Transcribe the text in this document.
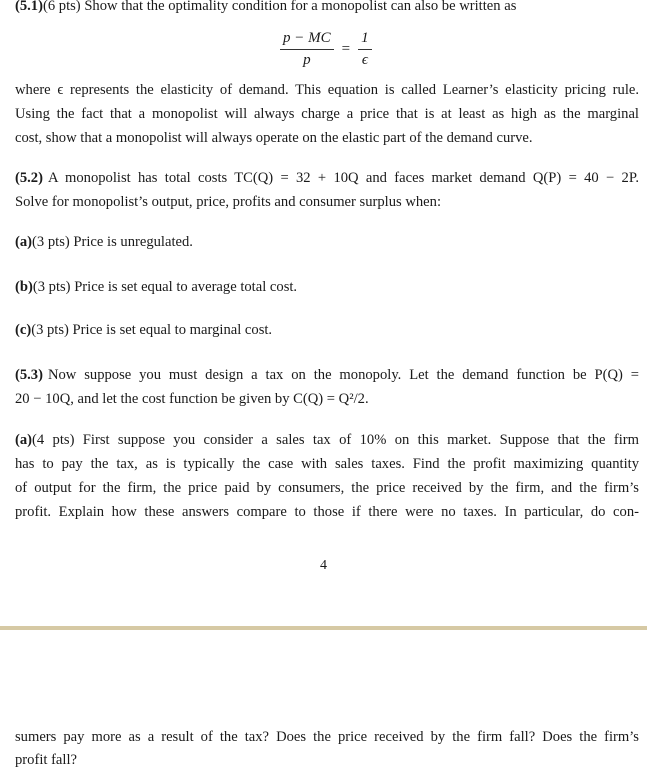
(5.1)(6 pts) Show that the optimality condition for a monopolist can also be written as
$\frac{p - MC}{p} = \frac{1}{\epsilon}$
where ϵ represents the elasticity of demand. This equation is called Learner’s elasticity pricing rule.
Using the fact that a monopolist will always charge a price that is at least as high as the marginal
cost, show that a monopolist will always operate on the elastic part of the demand curve.
(5.2) A monopolist has total costs TC(Q) = 32 + 10Q and faces market demand Q(P) = 40 − 2P.
Solve for monopolist’s output, price, profits and consumer surplus when:
(a)(3 pts) Price is unregulated.
(b)(3 pts) Price is set equal to average total cost.
(c)(3 pts) Price is set equal to marginal cost.
(5.3) Now suppose you must design a tax on the monopoly. Let the demand function be P(Q) =
20 − 10Q, and let the cost function be given by C(Q) = Q²/2.
(a) (4 pts) First suppose you consider a sales tax of 10% on this market. Suppose that the firm
has to pay the tax, as is typically the case with sales taxes. Find the profit maximizing quantity
of output for the firm, the price paid by consumers, the price received by the firm, and the firm’s
profit. Explain how these answers compare to those if there were no taxes. In particular, do con-
4
sumers pay more as a result of the tax? Does the price received by the firm fall? Does the firm’s
profit fall?
